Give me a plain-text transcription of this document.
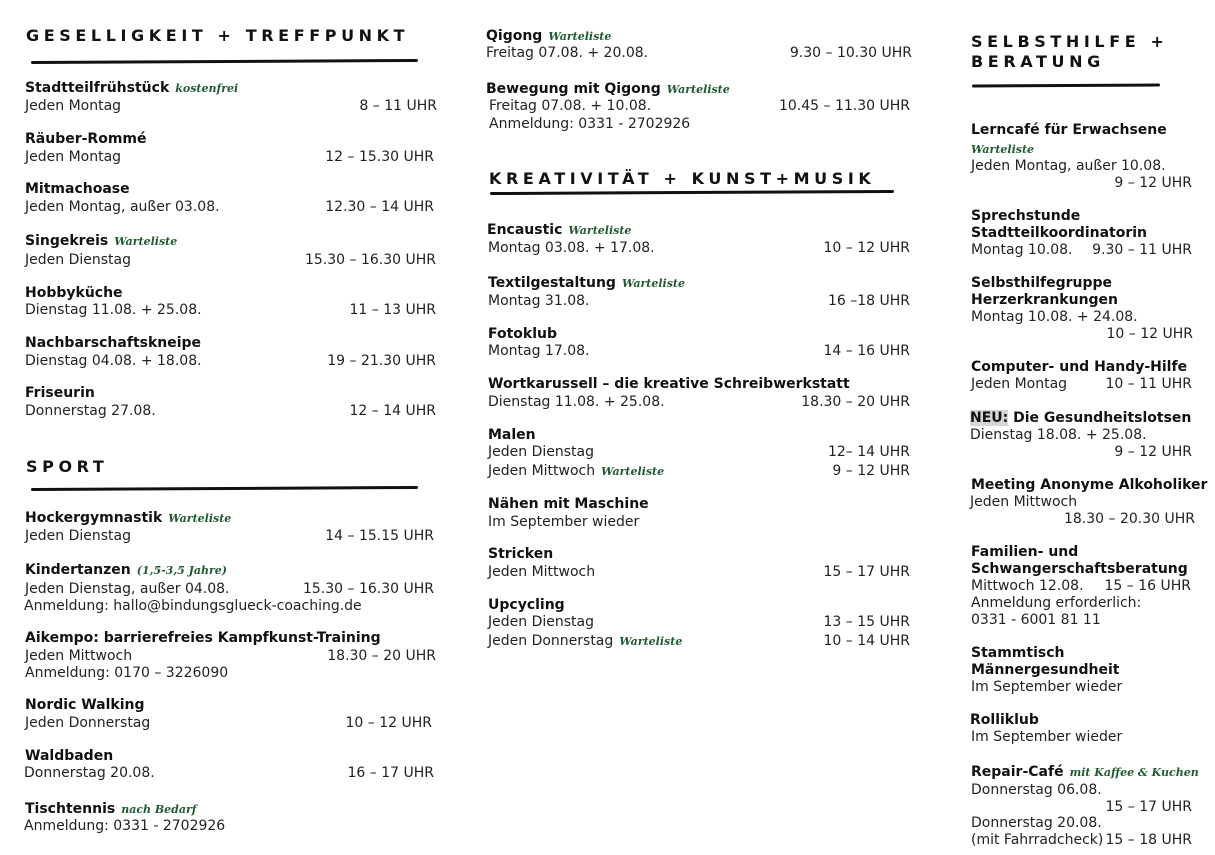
GESELLIGKEIT + TREFFPUNKT
Stadtteilfrühstück kostenfrei
Jeden Montag	8 – 11 UHR
Räuber-Rommé
Jeden Montag	12 – 15.30 UHR
Mitmachoase
Jeden Montag, außer 03.08.	12.30 – 14 UHR
Singekreis Warteliste
Jeden Dienstag	15.30 – 16.30 UHR
Hobbyküche
Dienstag 11.08. + 25.08.	11 – 13 UHR
Nachbarschaftskneipe
Dienstag 04.08. + 18.08.	19 – 21.30 UHR
Friseurin
Donnerstag 27.08.	12 – 14 UHR
SPORT
Hockergymnastik Warteliste
Jeden Dienstag	14 – 15.15 UHR
Kindertanzen (1,5-3,5 Jahre)
Jeden Dienstag, außer 04.08.	15.30 – 16.30 UHR
Anmeldung: hallo@bindungsglueck-coaching.de
Aikempo: barrierefreies Kampfkunst-Training
Jeden Mittwoch	18.30 – 20 UHR
Anmeldung: 0170 – 3226090
Nordic Walking
Jeden Donnerstag	10 – 12 UHR
Waldbaden
Donnerstag 20.08.	16 – 17 UHR
Tischtennis nach Bedarf
Anmeldung: 0331 - 2702926
Qigong Warteliste
Freitag 07.08. + 20.08.	9.30 – 10.30 UHR
Bewegung mit Qigong Warteliste
Freitag 07.08. + 10.08.	10.45 – 11.30 UHR
Anmeldung: 0331 - 2702926
KREATIVITÄT + KUNST+MUSIK
Encaustic Warteliste
Montag 03.08. + 17.08.	10 – 12 UHR
Textilgestaltung Warteliste
Montag 31.08.	16 –18 UHR
Fotoklub
Montag 17.08.	14 – 16 UHR
Wortkarussell – die kreative Schreibwerkstatt
Dienstag 11.08. + 25.08.	18.30 – 20 UHR
Malen
Jeden Dienstag	12– 14 UHR
Jeden Mittwoch Warteliste	9 – 12 UHR
Nähen mit Maschine
Im September wieder
Stricken
Jeden Mittwoch	15 – 17 UHR
Upcycling
Jeden Dienstag	13 – 15 UHR
Jeden Donnerstag Warteliste	10 – 14 UHR
SELBSTHILFE + BERATUNG
Lerncafé für Erwachsene
Warteliste
Jeden Montag, außer 10.08.
9 – 12 UHR
Sprechstunde Stadtteilkoordinatorin
Montag 10.08. 9.30 – 11 UHR
Selbsthilfegruppe Herzerkrankungen
Montag 10.08. + 24.08.
10 – 12 UHR
Computer- und Handy-Hilfe
Jeden Montag	10 – 11 UHR
NEU: Die Gesundheitslotsen
Dienstag 18.08. + 25.08.
9 – 12 UHR
Meeting Anonyme Alkoholiker
Jeden Mittwoch
18.30 – 20.30 UHR
Familien- und Schwangerschaftsberatung
Mittwoch 12.08. 15 – 16 UHR
Anmeldung erforderlich:
0331 - 6001 81 11
Stammtisch Männergesundheit
Im September wieder
Rolliklub
Im September wieder
Repair-Café mit Kaffee & Kuchen
Donnerstag 06.08.
15 – 17 UHR
Donnerstag 20.08.
(mit Fahrradcheck) 15 – 18 UHR
